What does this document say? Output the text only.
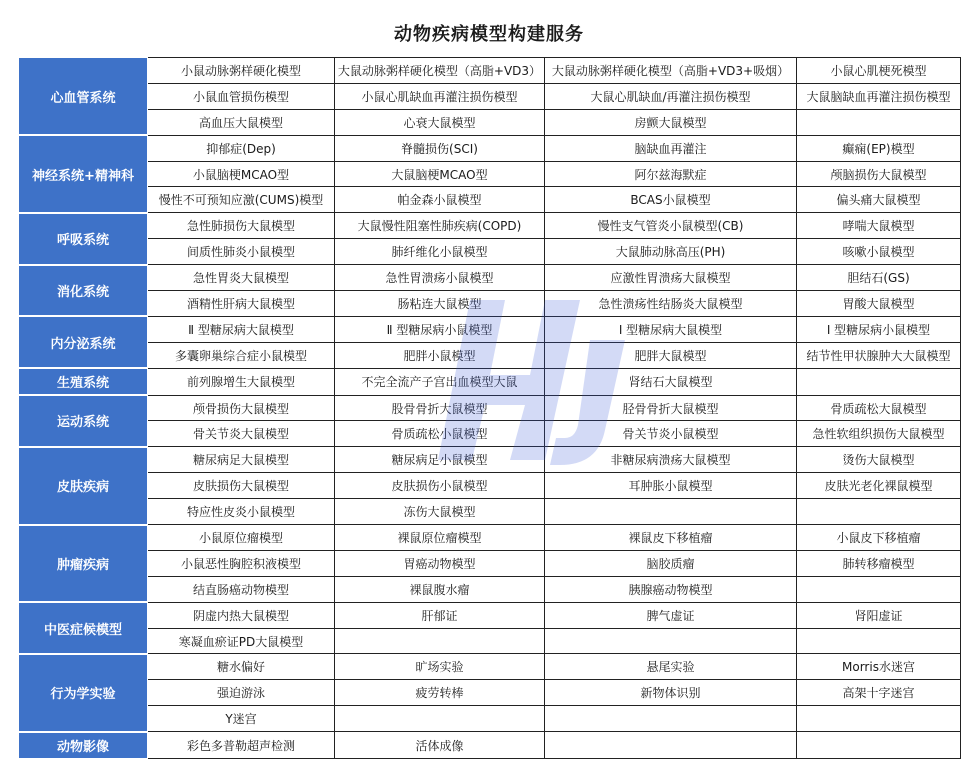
动物疾病模型构建服务
心血管系统	小鼠动脉粥样硬化模型	大鼠动脉粥样硬化模型（高脂+VD3）	大鼠动脉粥样硬化模型（高脂+VD3+吸烟）	小鼠心肌梗死模型
	小鼠血管损伤模型	小鼠心肌缺血再灌注损伤模型	大鼠心肌缺血/再灌注损伤模型	大鼠脑缺血再灌注损伤模型
	高血压大鼠模型	心衰大鼠模型	房颤大鼠模型	
神经系统+精神科	抑郁症(Dep)	脊髓损伤(SCI)	脑缺血再灌注	癫痫(EP)模型
	小鼠脑梗MCAO型	大鼠脑梗MCAO型	阿尔兹海默症	颅脑损伤大鼠模型
	慢性不可预知应激(CUMS)模型	帕金森小鼠模型	BCAS小鼠模型	偏头痛大鼠模型
呼吸系统	急性肺损伤大鼠模型	大鼠慢性阻塞性肺疾病(COPD)	慢性支气管炎小鼠模型(CB)	哮喘大鼠模型
	间质性肺炎小鼠模型	肺纤维化小鼠模型	大鼠肺动脉高压(PH)	咳嗽小鼠模型
消化系统	急性胃炎大鼠模型	急性胃溃疡小鼠模型	应激性胃溃疡大鼠模型	胆结石(GS)
	酒精性肝病大鼠模型	肠粘连大鼠模型	急性溃疡性结肠炎大鼠模型	胃酸大鼠模型
内分泌系统	Ⅱ 型糖尿病大鼠模型	Ⅱ 型糖尿病小鼠模型	Ⅰ 型糖尿病大鼠模型	Ⅰ 型糖尿病小鼠模型
	多囊卵巢综合症小鼠模型	肥胖小鼠模型	肥胖大鼠模型	结节性甲状腺肿大大鼠模型
生殖系统	前列腺增生大鼠模型	不完全流产子宫出血模型大鼠	肾结石大鼠模型	
运动系统	颅骨损伤大鼠模型	股骨骨折大鼠模型	胫骨骨折大鼠模型	骨质疏松大鼠模型
	骨关节炎大鼠模型	骨质疏松小鼠模型	骨关节炎小鼠模型	急性软组织损伤大鼠模型
皮肤疾病	糖尿病足大鼠模型	糖尿病足小鼠模型	非糖尿病溃疡大鼠模型	烫伤大鼠模型
	皮肤损伤大鼠模型	皮肤损伤小鼠模型	耳肿胀小鼠模型	皮肤光老化裸鼠模型
	特应性皮炎小鼠模型	冻伤大鼠模型		
肿瘤疾病	小鼠原位瘤模型	裸鼠原位瘤模型	裸鼠皮下移植瘤	小鼠皮下移植瘤
	小鼠恶性胸腔积液模型	胃癌动物模型	脑胶质瘤	肺转移瘤模型
	结直肠癌动物模型	裸鼠腹水瘤	胰腺癌动物模型	
中医症候模型	阴虚内热大鼠模型	肝郁证	脾气虚证	肾阳虚证
	寒凝血瘀证PD大鼠模型			
行为学实验	糖水偏好	旷场实验	悬尾实验	Morris水迷宫
	强迫游泳	疲劳转棒	新物体识别	高架十字迷宫
	Y迷宫			
动物影像	彩色多普勒超声检测	活体成像		
